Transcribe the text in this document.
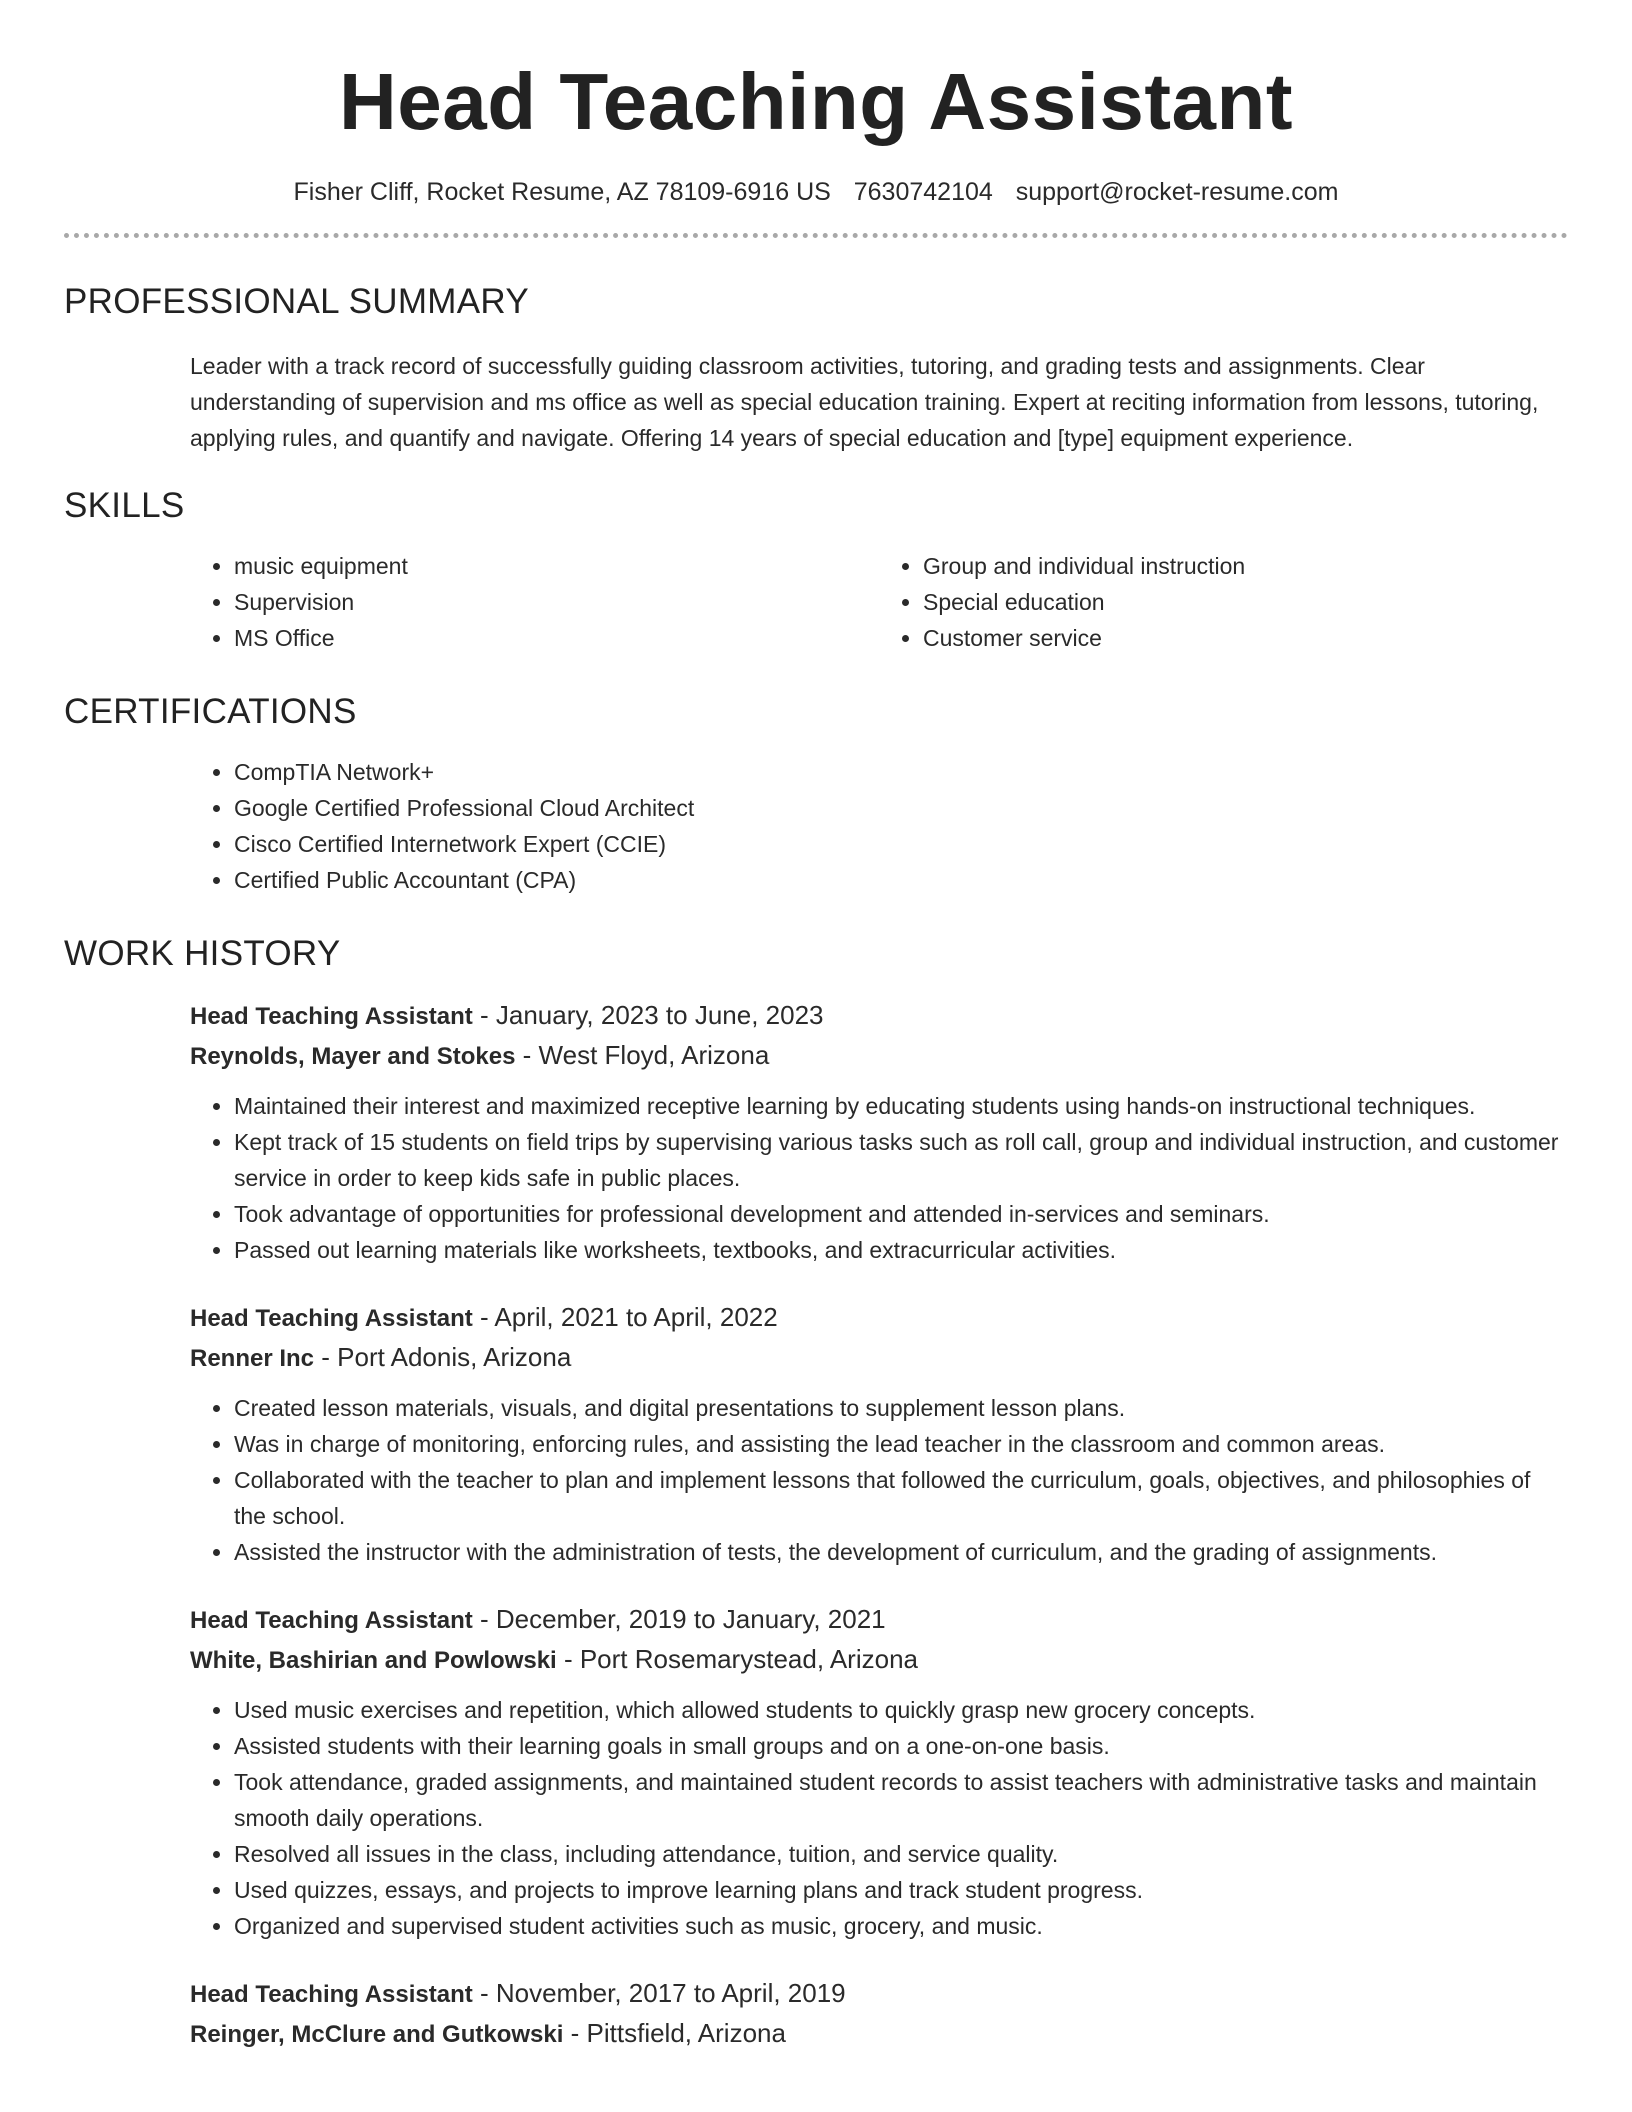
Head Teaching Assistant
Fisher Cliff, Rocket Resume, AZ 78109-6916 US 7630742104 support@rocket-resume.com
PROFESSIONAL SUMMARY
Leader with a track record of successfully guiding classroom activities, tutoring, and grading tests and assignments. Clear understanding of supervision and ms office as well as special education training. Expert at reciting information from lessons, tutoring, applying rules, and quantify and navigate. Offering 14 years of special education and [type] equipment experience.
SKILLS
• music equipment
• Supervision
• MS Office
• Group and individual instruction
• Special education
• Customer service
CERTIFICATIONS
• CompTIA Network+
• Google Certified Professional Cloud Architect
• Cisco Certified Internetwork Expert (CCIE)
• Certified Public Accountant (CPA)
WORK HISTORY
Head Teaching Assistant - January, 2023 to June, 2023
Reynolds, Mayer and Stokes - West Floyd, Arizona
• Maintained their interest and maximized receptive learning by educating students using hands-on instructional techniques.
• Kept track of 15 students on field trips by supervising various tasks such as roll call, group and individual instruction, and customer service in order to keep kids safe in public places.
• Took advantage of opportunities for professional development and attended in-services and seminars.
• Passed out learning materials like worksheets, textbooks, and extracurricular activities.
Head Teaching Assistant - April, 2021 to April, 2022
Renner Inc - Port Adonis, Arizona
• Created lesson materials, visuals, and digital presentations to supplement lesson plans.
• Was in charge of monitoring, enforcing rules, and assisting the lead teacher in the classroom and common areas.
• Collaborated with the teacher to plan and implement lessons that followed the curriculum, goals, objectives, and philosophies of the school.
• Assisted the instructor with the administration of tests, the development of curriculum, and the grading of assignments.
Head Teaching Assistant - December, 2019 to January, 2021
White, Bashirian and Powlowski - Port Rosemarystead, Arizona
• Used music exercises and repetition, which allowed students to quickly grasp new grocery concepts.
• Assisted students with their learning goals in small groups and on a one-on-one basis.
• Took attendance, graded assignments, and maintained student records to assist teachers with administrative tasks and maintain smooth daily operations.
• Resolved all issues in the class, including attendance, tuition, and service quality.
• Used quizzes, essays, and projects to improve learning plans and track student progress.
• Organized and supervised student activities such as music, grocery, and music.
Head Teaching Assistant - November, 2017 to April, 2019
Reinger, McClure and Gutkowski - Pittsfield, Arizona
